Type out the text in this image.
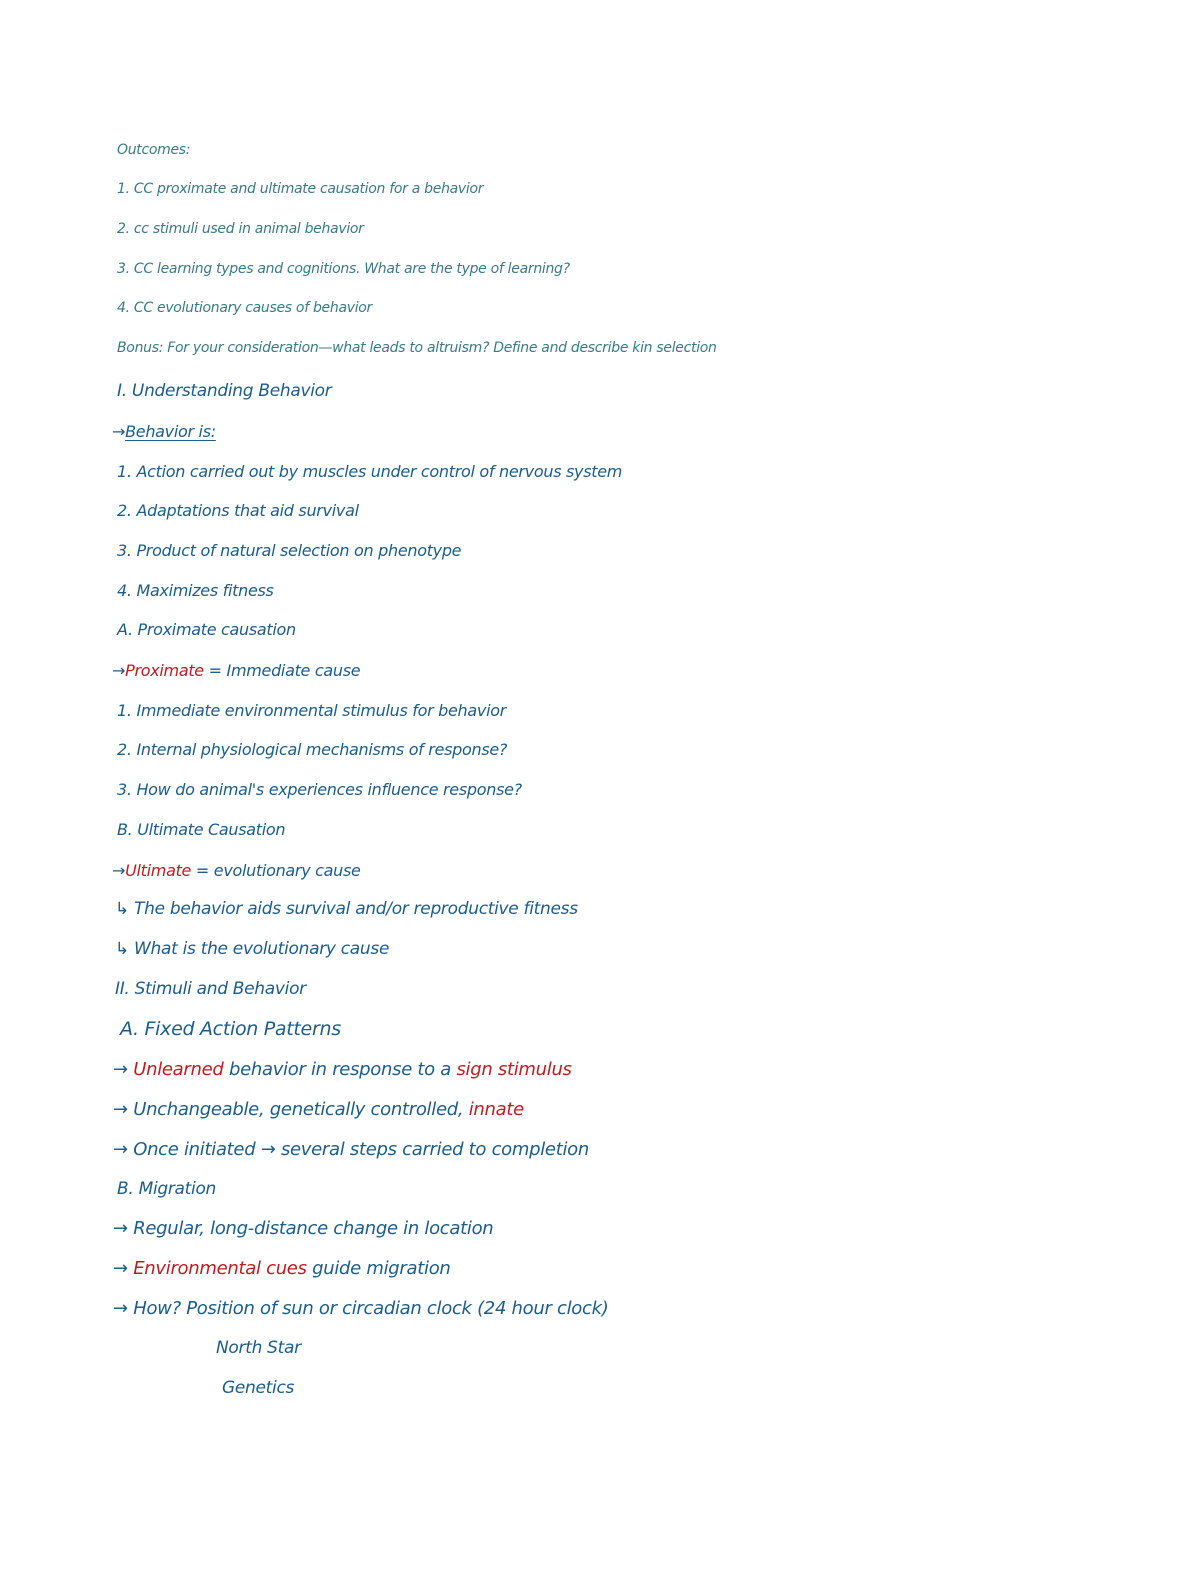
Outcomes:
1. CC proximate and ultimate causation for a behavior
2. cc stimuli used in animal behavior
3. CC learning types and cognitions. What are the type of learning?
4. CC evolutionary causes of behavior
Bonus: For your consideration—what leads to altruism? Define and describe kin selection
I. Understanding Behavior
→Behavior is:
1. Action carried out by muscles under control of nervous system
2. Adaptations that aid survival
3. Product of natural selection on phenotype
4. Maximizes fitness
A. Proximate causation
→Proximate = Immediate cause
1. Immediate environmental stimulus for behavior
2. Internal physiological mechanisms of response?
3. How do animal's experiences influence response?
B. Ultimate Causation
→Ultimate = evolutionary cause
↳ The behavior aids survival and/or reproductive fitness
↳ What is the evolutionary cause
II. Stimuli and Behavior
A. Fixed Action Patterns
→ Unlearned behavior in response to a sign stimulus
→ Unchangeable, genetically controlled, innate
→ Once initiated → several steps carried to completion
B. Migration
→ Regular, long-distance change in location
→ Environmental cues guide migration
→ How? Position of sun or circadian clock (24 hour clock)
North Star
Genetics
